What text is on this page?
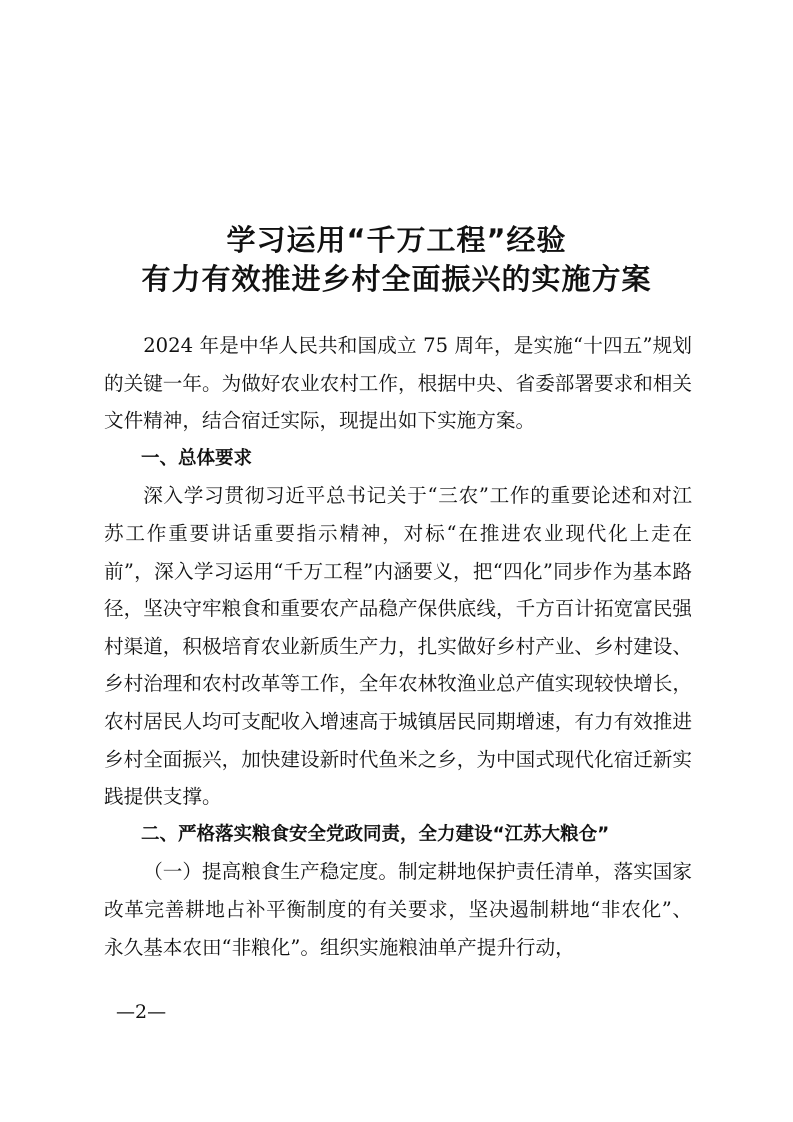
学习运用“千万工程”经验
有力有效推进乡村全面振兴的实施方案

2024 年是中华人民共和国成立 75 周年，是实施“十四五”规划的关键一年。为做好农业农村工作，根据中央、省委部署要求和相关文件精神，结合宿迁实际，现提出如下实施方案。

一、总体要求

深入学习贯彻习近平总书记关于“三农”工作的重要论述和对江苏工作重要讲话重要指示精神，对标“在推进农业现代化上走在前”，深入学习运用“千万工程”内涵要义，把“四化”同步作为基本路径，坚决守牢粮食和重要农产品稳产保供底线，千方百计拓宽富民强村渠道，积极培育农业新质生产力，扎实做好乡村产业、乡村建设、乡村治理和农村改革等工作，全年农林牧渔业总产值实现较快增长，农村居民人均可支配收入增速高于城镇居民同期增速，有力有效推进乡村全面振兴，加快建设新时代鱼米之乡，为中国式现代化宿迁新实践提供支撑。

二、严格落实粮食安全党政同责，全力建设“江苏大粮仓”

（一）提高粮食生产稳定度。制定耕地保护责任清单，落实国家改革完善耕地占补平衡制度的有关要求，坚决遏制耕地“非农化”、永久基本农田“非粮化”。组织实施粮油单产提升行动，

—2—
